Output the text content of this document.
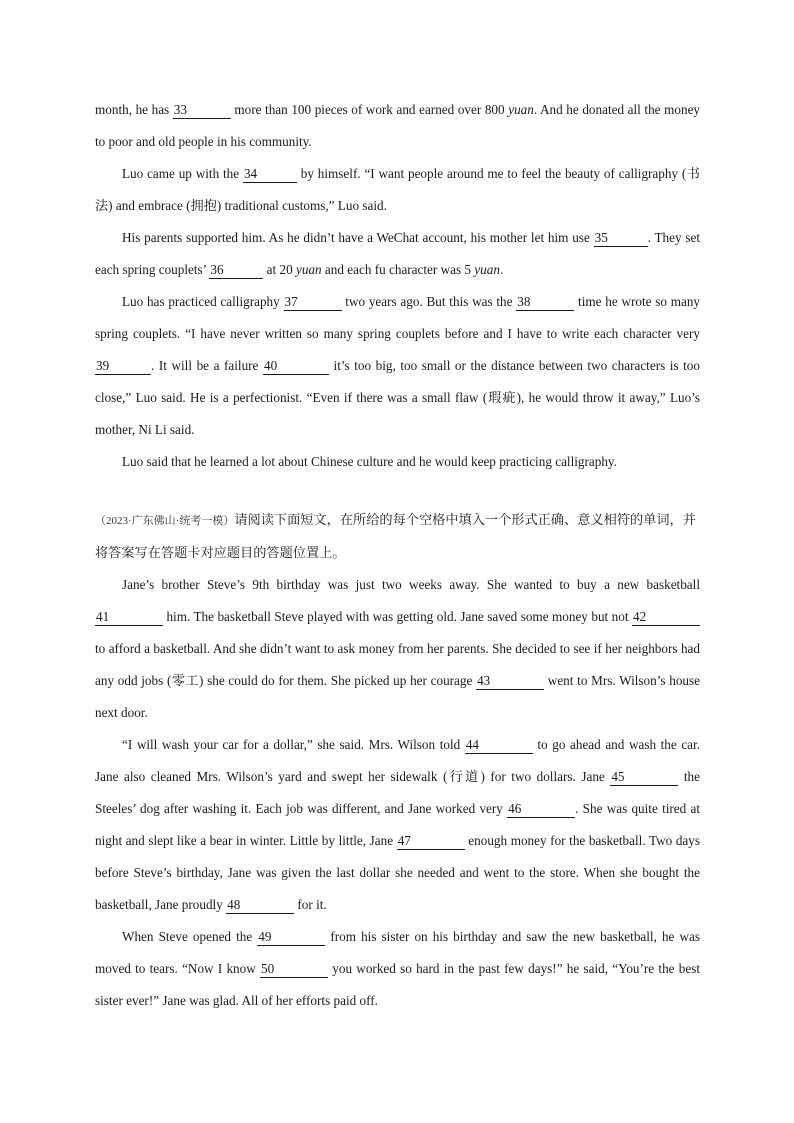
month, he has 33	more than 100 pieces of work and earned over 800 yuan. And he donated all the money to poor and old people in his community.

Luo came up with the 34	by himself. “I want people around me to feel the beauty of calligraphy (书法) and embrace (拥抱) traditional customs,” Luo said.

His parents supported him. As he didn’t have a WeChat account, his mother let him use 35	. They set each spring couplets’ 36	at 20 yuan and each fu character was 5 yuan.

Luo has practiced calligraphy 37	two years ago. But this was the 38	time he wrote so many spring couplets. “I have never written so many spring couplets before and I have to write each character very 39	. It will be a failure 40	it’s too big, too small or the distance between two characters is too close,” Luo said. He is a perfectionist. “Even if there was a small flaw (瑕疵), he would throw it away,” Luo’s mother, Ni Li said.

Luo said that he learned a lot about Chinese culture and he would keep practicing calligraphy.

（2023·广东佛山·统考一模）请阅读下面短文，在所给的每个空格中填入一个形式正确、意义相符的单词，并将答案写在答题卡对应题目的答题位置上。

Jane’s brother Steve’s 9th birthday was just two weeks away. She wanted to buy a new basketball 41	him. The basketball Steve played with was getting old. Jane saved some money but not 42 to afford a basketball. And she didn’t want to ask money from her parents. She decided to see if her neighbors had any odd jobs (零工) she could do for them. She picked up her courage 43	went to Mrs. Wilson’s house next door.

“I will wash your car for a dollar,” she said. Mrs. Wilson told 44	to go ahead and wash the car. Jane also cleaned Mrs. Wilson’s yard and swept her sidewalk (行道) for two dollars. Jane 45	the Steeles’ dog after washing it. Each job was different, and Jane worked very 46	. She was quite tired at night and slept like a bear in winter. Little by little, Jane 47	enough money for the basketball. Two days before Steve’s birthday, Jane was given the last dollar she needed and went to the store. When she bought the basketball, Jane proudly 48	for it.

When Steve opened the 49	from his sister on his birthday and saw the new basketball, he was moved to tears. “Now I know 50	you worked so hard in the past few days!” he said, “You’re the best sister ever!” Jane was glad. All of her efforts paid off.
